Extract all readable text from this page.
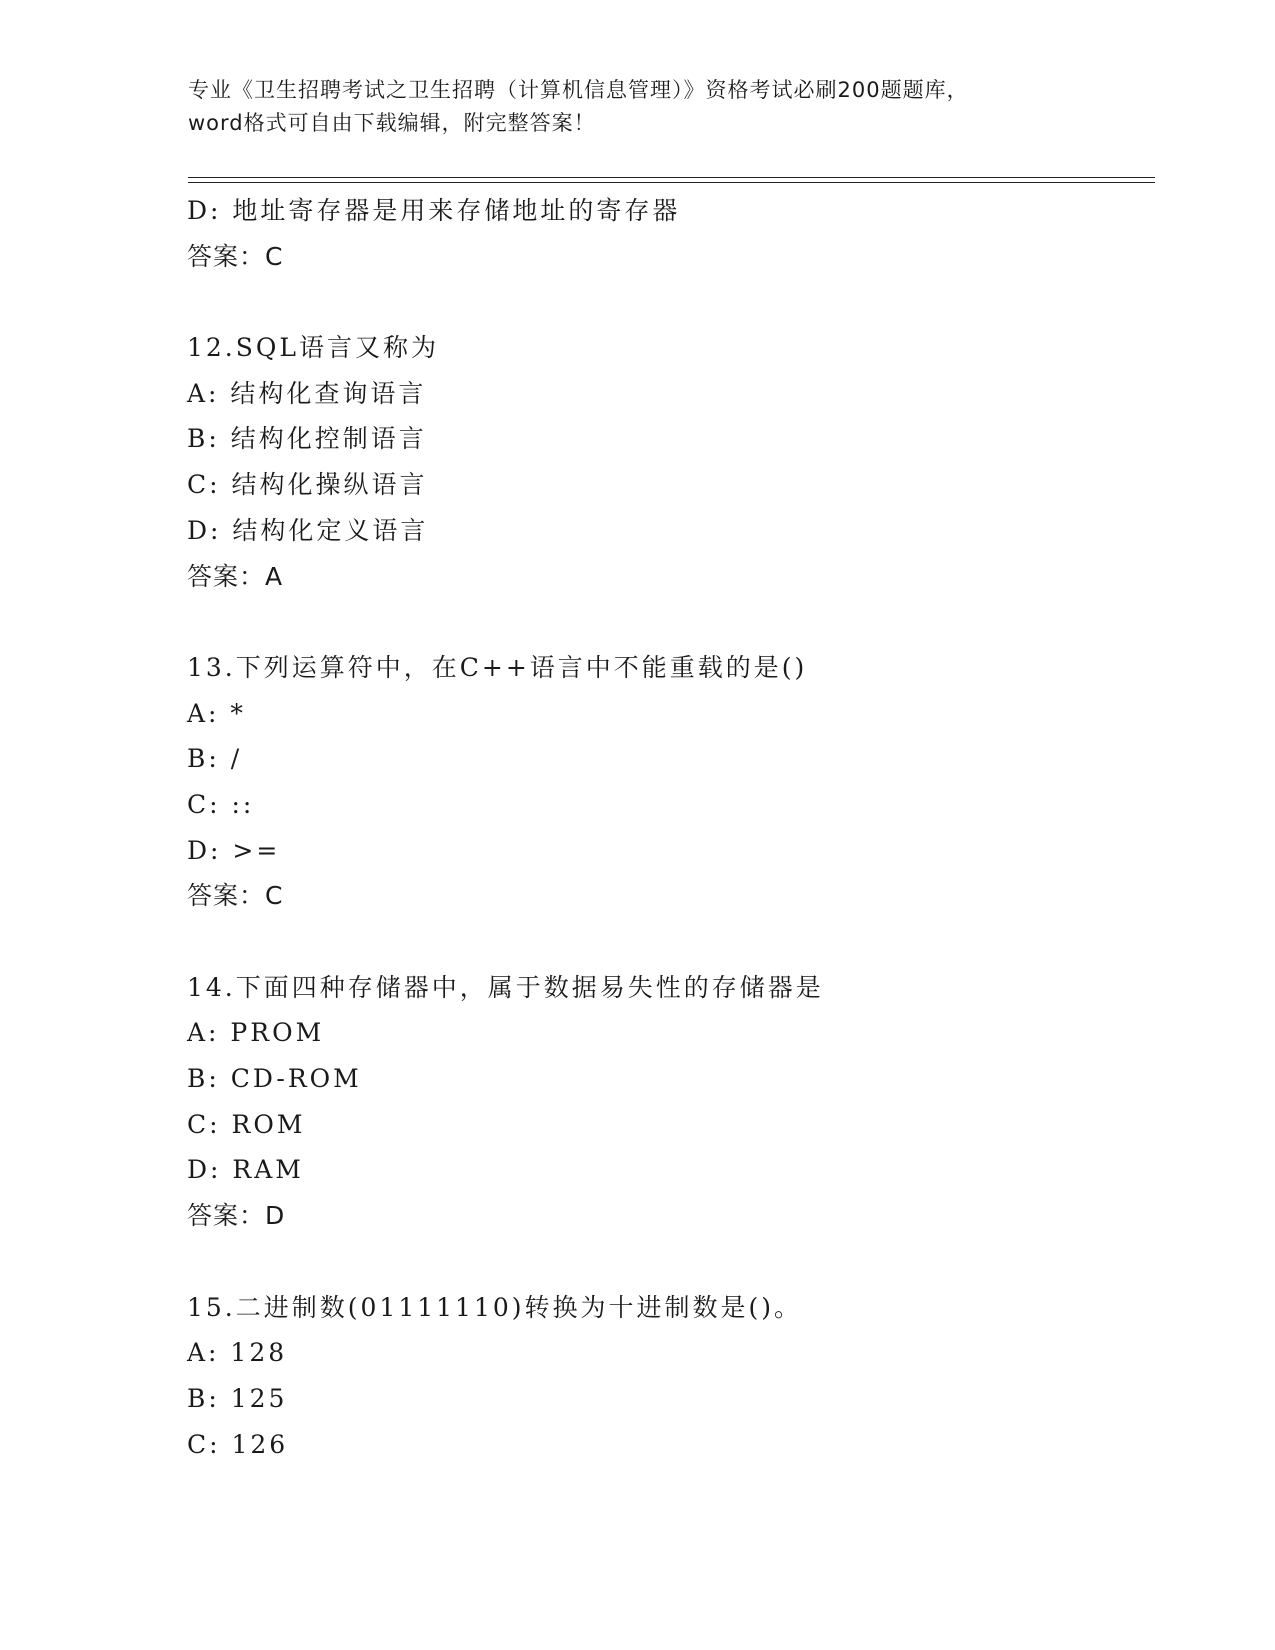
专业《卫生招聘考试之卫生招聘（计算机信息管理）》资格考试必刷200题题库，
word格式可自由下载编辑，附完整答案！
D: 地址寄存器是用来存储地址的寄存器
答案：C
12.SQL语言又称为
A: 结构化查询语言
B: 结构化控制语言
C: 结构化操纵语言
D: 结构化定义语言
答案：A
13.下列运算符中，在C++语言中不能重载的是()
A: *
B: /
C: ::
D: >=
答案：C
14.下面四种存储器中，属于数据易失性的存储器是
A: PROM
B: CD-ROM
C: ROM
D: RAM
答案：D
15.二进制数(01111110)转换为十进制数是()。
A: 128
B: 125
C: 126
